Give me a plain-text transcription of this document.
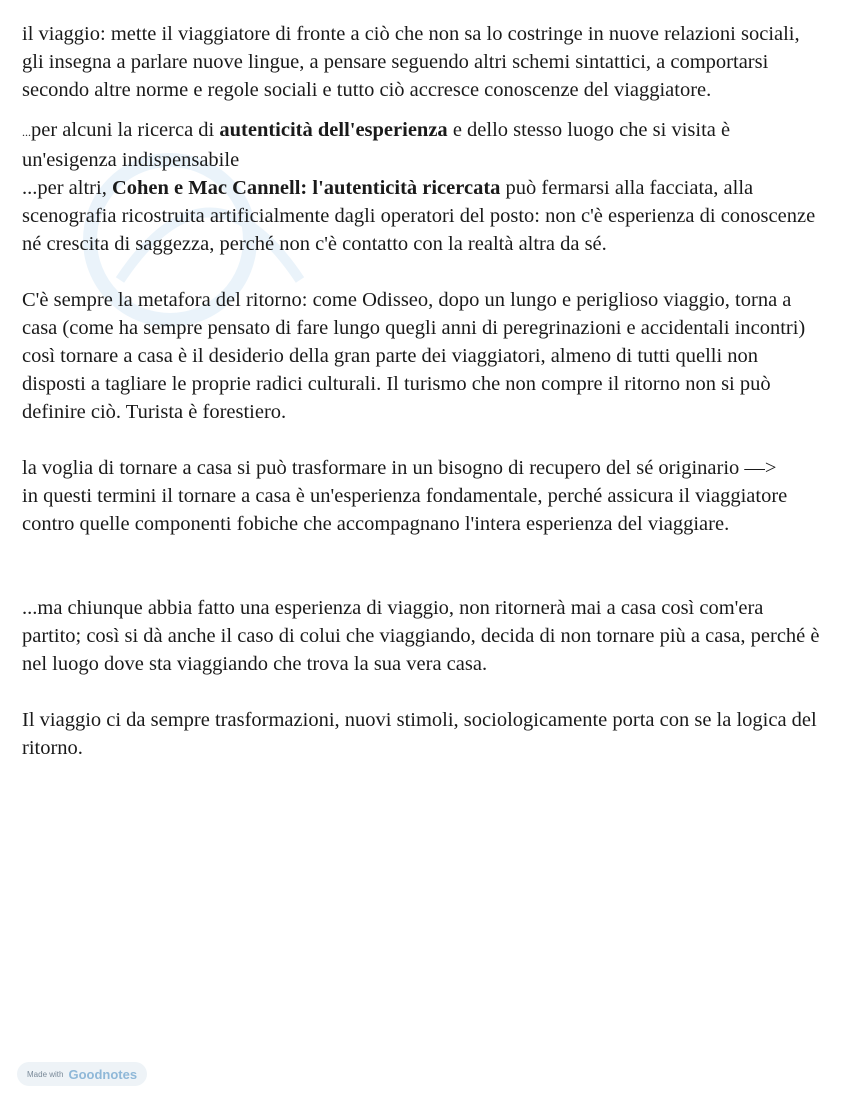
il viaggio: mette il viaggiatore di fronte a ciò che non sa lo costringe in nuove relazioni sociali, gli insegna a parlare nuove lingue, a pensare seguendo altri schemi sintattici, a comportarsi secondo altre norme e regole sociali e tutto ciò accresce conoscenze del viaggiatore.

...per alcuni la ricerca di autenticità dell'esperienza e dello stesso luogo che si visita è un'esigenza indispensabile

...per altri, Cohen e Mac Cannell: l'autenticità ricercata può fermarsi alla facciata, alla scenografia ricostruita artificialmente dagli operatori del posto: non c'è esperienza di conoscenze né crescita di saggezza, perché non c'è contatto con la realtà altra da sé.

C'è sempre la metafora del ritorno: come Odisseo, dopo un lungo e periglioso viaggio, torna a casa (come ha sempre pensato di fare lungo quegli anni di peregrinazioni e accidentali incontri) così tornare a casa è il desiderio della gran parte dei viaggiatori, almeno di tutti quelli non disposti a tagliare le proprie radici culturali. Il turismo che non compre il ritorno non si può definire ciò. Turista è forestiero.

la voglia di tornare a casa si può trasformare in un bisogno di recupero del sé originario —>

in questi termini il tornare a casa è un'esperienza fondamentale, perché assicura il viaggiatore contro quelle componenti fobiche che accompagnano l'intera esperienza del viaggiare.

...ma chiunque abbia fatto una esperienza di viaggio, non ritornerà mai a casa così com'era partito; così si dà anche il caso di colui che viaggiando, decida di non tornare più a casa, perché è nel luogo dove sta viaggiando che trova la sua vera casa.

Il viaggio ci da sempre trasformazioni, nuovi stimoli, sociologicamente porta con se la logica del ritorno.

Made with Goodnotes
